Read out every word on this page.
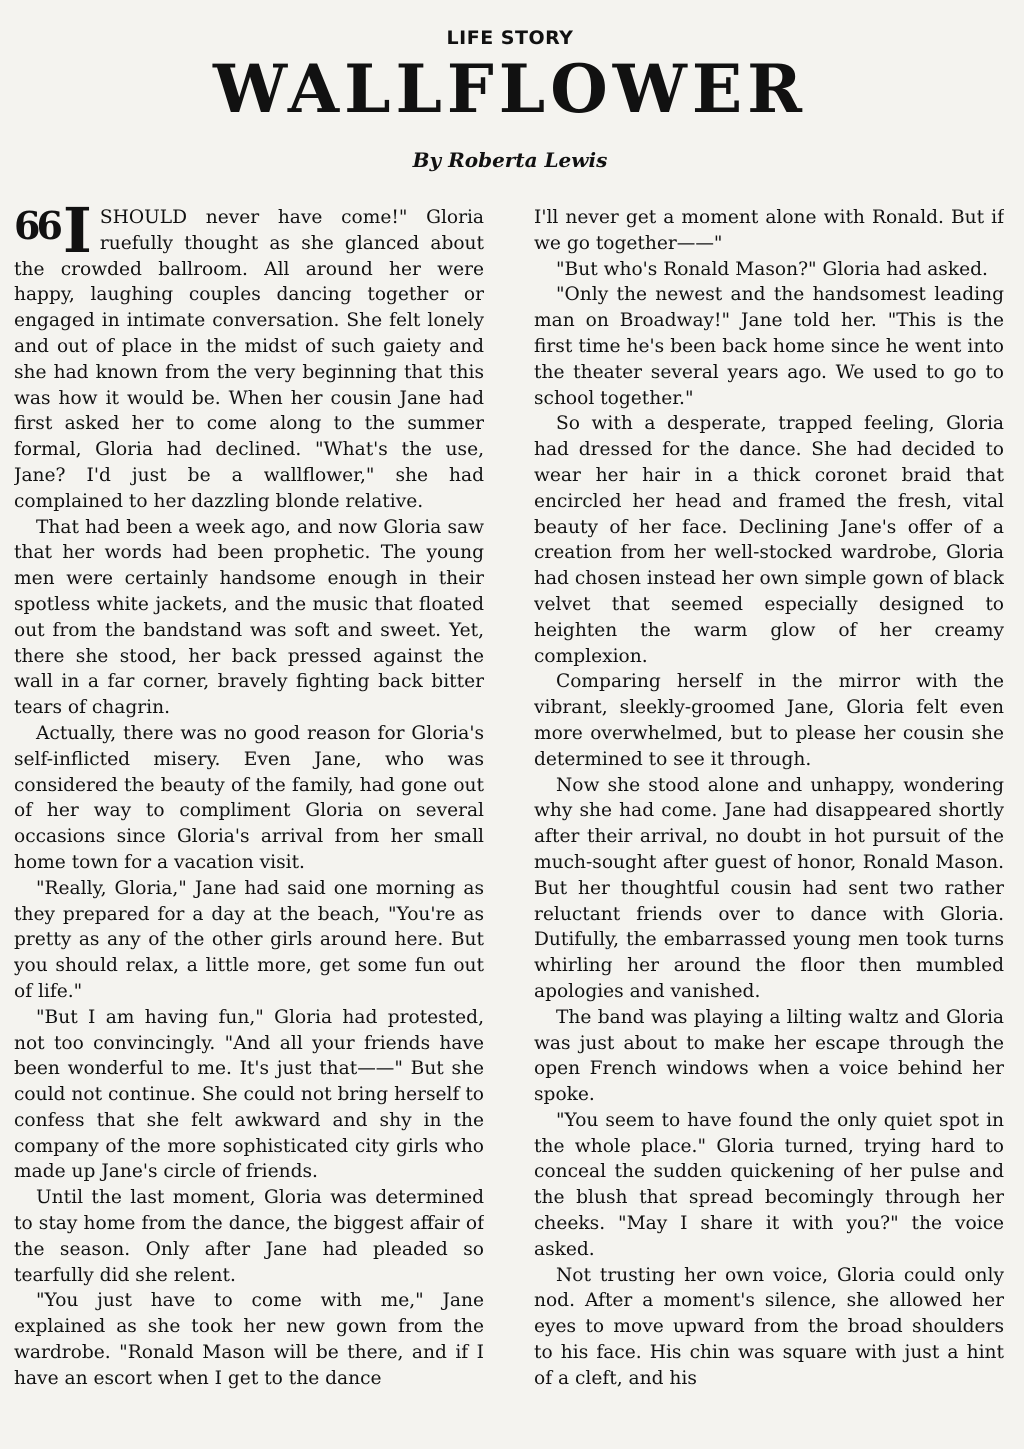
LIFE STORY
WALLFLOWER
By Roberta Lewis

66 I SHOULD never have come!" Gloria ruefully thought as she glanced about the crowded ballroom. All around her were happy, laughing couples dancing together or engaged in intimate conversation. She felt lonely and out of place in the midst of such gaiety and she had known from the very beginning that this was how it would be. When her cousin Jane had first asked her to come along to the summer formal, Gloria had declined. "What's the use, Jane? I'd just be a wallflower," she had complained to her dazzling blonde relative.

That had been a week ago, and now Gloria saw that her words had been prophetic. The young men were certainly handsome enough in their spotless white jackets, and the music that floated out from the bandstand was soft and sweet. Yet, there she stood, her back pressed against the wall in a far corner, bravely fighting back bitter tears of chagrin.

Actually, there was no good reason for Gloria's self-inflicted misery. Even Jane, who was considered the beauty of the family, had gone out of her way to compliment Gloria on several occasions since Gloria's arrival from her small home town for a vacation visit.

"Really, Gloria," Jane had said one morning as they prepared for a day at the beach, "You're as pretty as any of the other girls around here. But you should relax, a little more, get some fun out of life."

"But I am having fun," Gloria had protested, not too convincingly. "And all your friends have been wonderful to me. It's just that——" But she could not continue. She could not bring herself to confess that she felt awkward and shy in the company of the more sophisticated city girls who made up Jane's circle of friends.

Until the last moment, Gloria was determined to stay home from the dance, the biggest affair of the season. Only after Jane had pleaded so tearfully did she relent.

"You just have to come with me," Jane explained as she took her new gown from the wardrobe. "Ronald Mason will be there, and if I have an escort when I get to the dance

I'll never get a moment alone with Ronald. But if we go together——"

"But who's Ronald Mason?" Gloria had asked.

"Only the newest and the handsomest leading man on Broadway!" Jane told her. "This is the first time he's been back home since he went into the theater several years ago. We used to go to school together."

So with a desperate, trapped feeling, Gloria had dressed for the dance. She had decided to wear her hair in a thick coronet braid that encircled her head and framed the fresh, vital beauty of her face. Declining Jane's offer of a creation from her well-stocked wardrobe, Gloria had chosen instead her own simple gown of black velvet that seemed especially designed to heighten the warm glow of her creamy complexion.

Comparing herself in the mirror with the vibrant, sleekly-groomed Jane, Gloria felt even more overwhelmed, but to please her cousin she determined to see it through.

Now she stood alone and unhappy, wondering why she had come. Jane had disappeared shortly after their arrival, no doubt in hot pursuit of the much-sought after guest of honor, Ronald Mason. But her thoughtful cousin had sent two rather reluctant friends over to dance with Gloria. Dutifully, the embarrassed young men took turns whirling her around the floor then mumbled apologies and vanished.

The band was playing a lilting waltz and Gloria was just about to make her escape through the open French windows when a voice behind her spoke.

"You seem to have found the only quiet spot in the whole place." Gloria turned, trying hard to conceal the sudden quickening of her pulse and the blush that spread becomingly through her cheeks. "May I share it with you?" the voice asked.

Not trusting her own voice, Gloria could only nod. After a moment's silence, she allowed her eyes to move upward from the broad shoulders to his face. His chin was square with just a hint of a cleft, and his
